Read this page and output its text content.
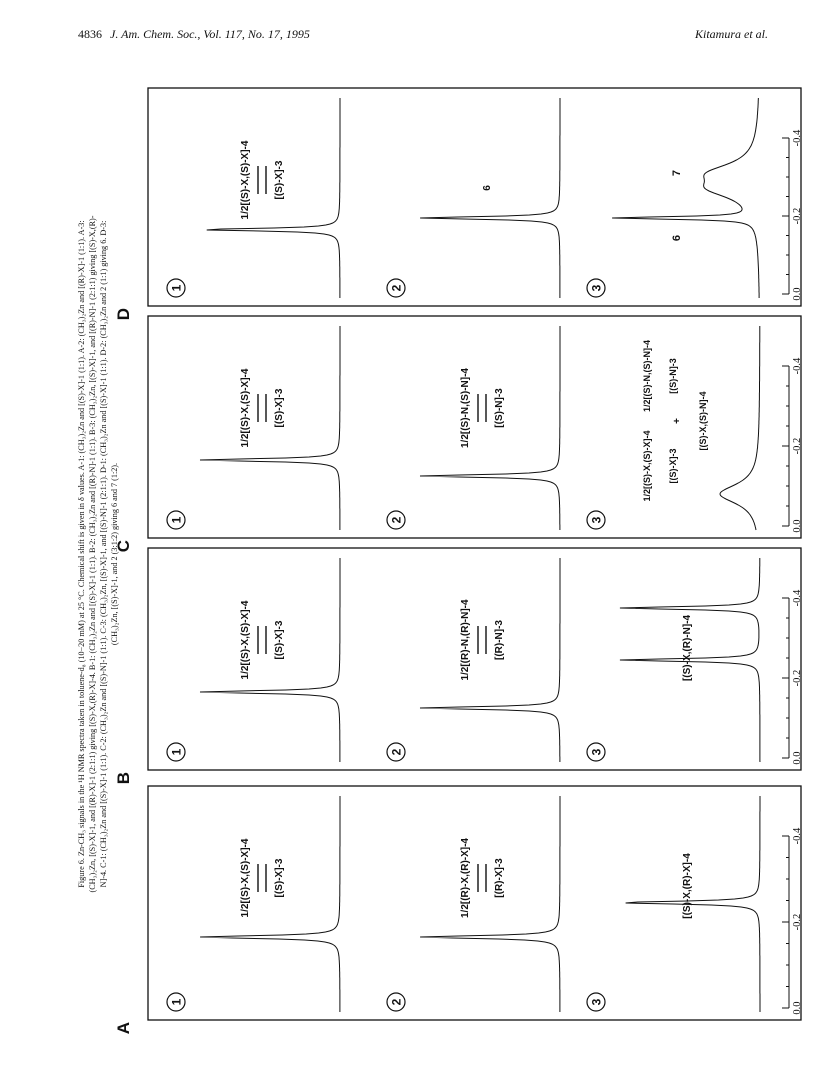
4836 J. Am. Chem. Soc., Vol. 117, No. 17, 1995	Kitamura et al.
A
0.0
-0.2
-0.4
1
1/2[(S)-X,(S)-X]-4 [(S)-X]-3
2
1/2[(R)-X,(R)-X]-4 [(R)-X]-3
3
[(S)-X,(R)-X]-4
B
0.0
-0.2
-0.4
1
1/2[(S)-X,(S)-X]-4 [(S)-X]-3
2
1/2[(R)-N,(R)-N]-4 [(R)-N]-3
3
[(S)-X,(R)-N]-4
C
0.0
-0.2
-0.4
1
1/2[(S)-X,(S)-X]-4 [(S)-X]-3
2
1/2[(S)-N,(S)-N]-4 [(S)-N]-3
3
1/2[(S)-X,(S)-X]-4
1/2[(S)-N,(S)-N]-4
[(S)-X]-3
+
[(S)-N]-3
[(S)-X,(S)-N]-4
D
0.0
-0.2
-0.4
1
1/2[(S)-X,(S)-X]-4 [(S)-X]-3
2
6
3
6
7
Figure 6. Zn-CH₃ signals in the ¹H NMR spectra taken in toluene-d₈ (10−20 mM) at 25 °C. Chemical shift is given in δ values. A-1: (CH₃)₂Zn and [(S)-X]-1 (1:1). A-2: (CH₃)₂Zn and [(R)-X]-1 (1:1). A-3: (CH₃)₂Zn, [(S)-X]-1, and [(R)-X]-1 (2:1:1) giving [(S)-X,(R)-X]-4. B-1: (CH₃)₂Zn and [(S)-X]-1 (1:1). B-2: (CH₃)₂Zn and [(R)-N]-1 (1:1). B-3: (CH₃)₂Zn, [(S)-X]-1, and [(R)-N]-1 (2:1:1) giving [(S)-X,(R)- N]-4. C-1: (CH₃)₂Zn and [(S)-X]-1 (1:1). C-2: (CH₃)₂Zn and [(S)-N]-1 (1:1). C-3: (CH₃)₂Zn, [(S)-X]-1, and [(S)-N]-1 (2:1:1). D-1: (CH₃)₂Zn and [(S)-X]-1 (1:1). D-2: (CH₃)₂Zn and 2 (1:1) giving 6. D-3: (CH₃)₂Zn, [(S)-X]-1, and 2 (3:1:2) giving 6 and 7 (1:2).
